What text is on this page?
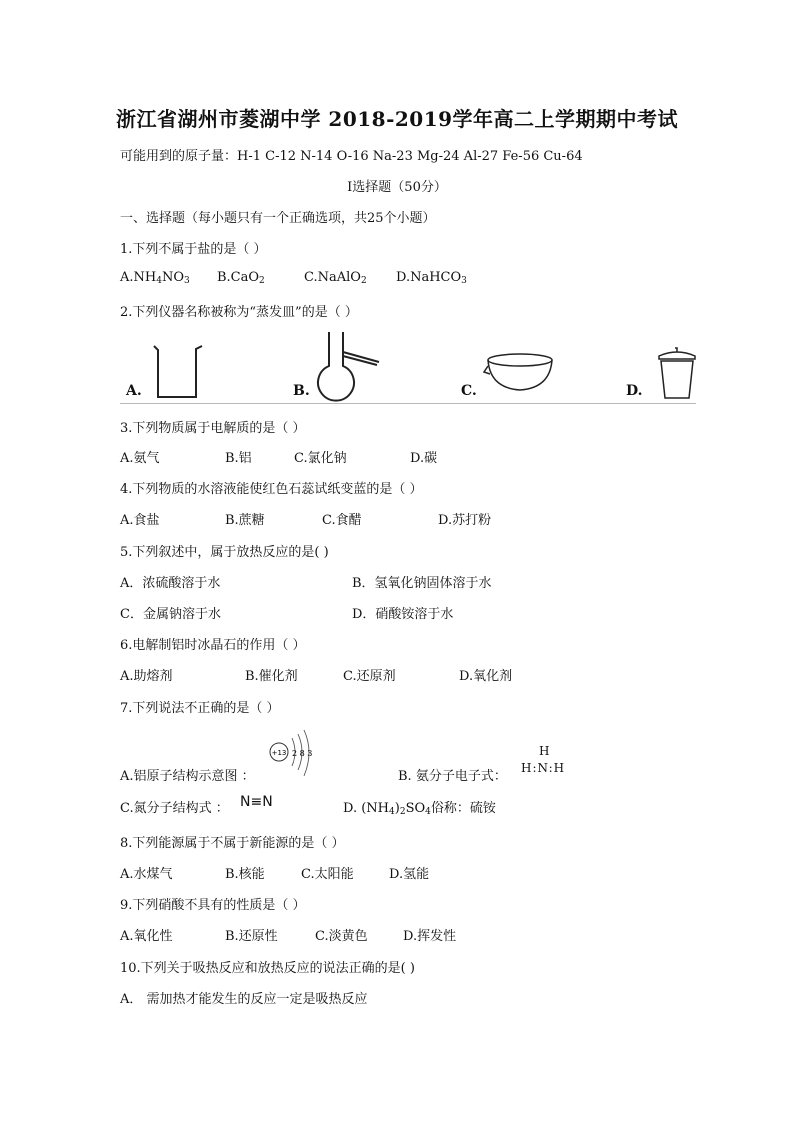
浙江省湖州市菱湖中学 2018-2019学年高二上学期期中考试
可能用到的原子量：H-1 C-12 N-14 O-16 Na-23 Mg-24 Al-27 Fe-56 Cu-64
Ⅰ选择题（50分）
一、选择题（每小题只有一个正确选项，共25个小题）
1.下列不属于盐的是（ ）
$A.NH_4NO_3$ B.CaO$_2$	C.NaAlO$_2$ D.NaHCO$_3$
2.下列仪器名称被称为“蒸发皿”的是（ ）
A.	B.	C.	D.
3.下列物质属于电解质的是（ ）
A.氨气	B.铝	C.氯化钠	D.碳
4.下列物质的水溶液能使红色石蕊试纸变蓝的是（ ）
A.食盐	B.蔗糖	C.食醋	D.苏打粉
5.下列叙述中，属于放热反应的是( )
A．浓硫酸溶于水	B．氢氧化钠固体溶于水
C．金属钠溶于水	D．硝酸铵溶于水
6.电解制铝时冰晶石的作用（ ）
A.助熔剂	B.催化剂	C.还原剂	D.氧化剂
7.下列说法不正确的是（ ）
A.铝原子结构示意图 ：
+13 2 8 3
B. 氨分子电子式：
H
H:N:H
C.氮分子结构式 ： N≡N	D. $(NH_4)_2SO_4$俗称：硫铵
8.下列能源属于不属于新能源的是（ ）
A.水煤气	B.核能	C.太阳能	D.氢能
9.下列硝酸不具有的性质是（ ）
A.氧化性	B.还原性	C.淡黄色	D.挥发性
10.下列关于吸热反应和放热反应的说法正确的是( )
A． 需加热才能发生的反应一定是吸热反应
